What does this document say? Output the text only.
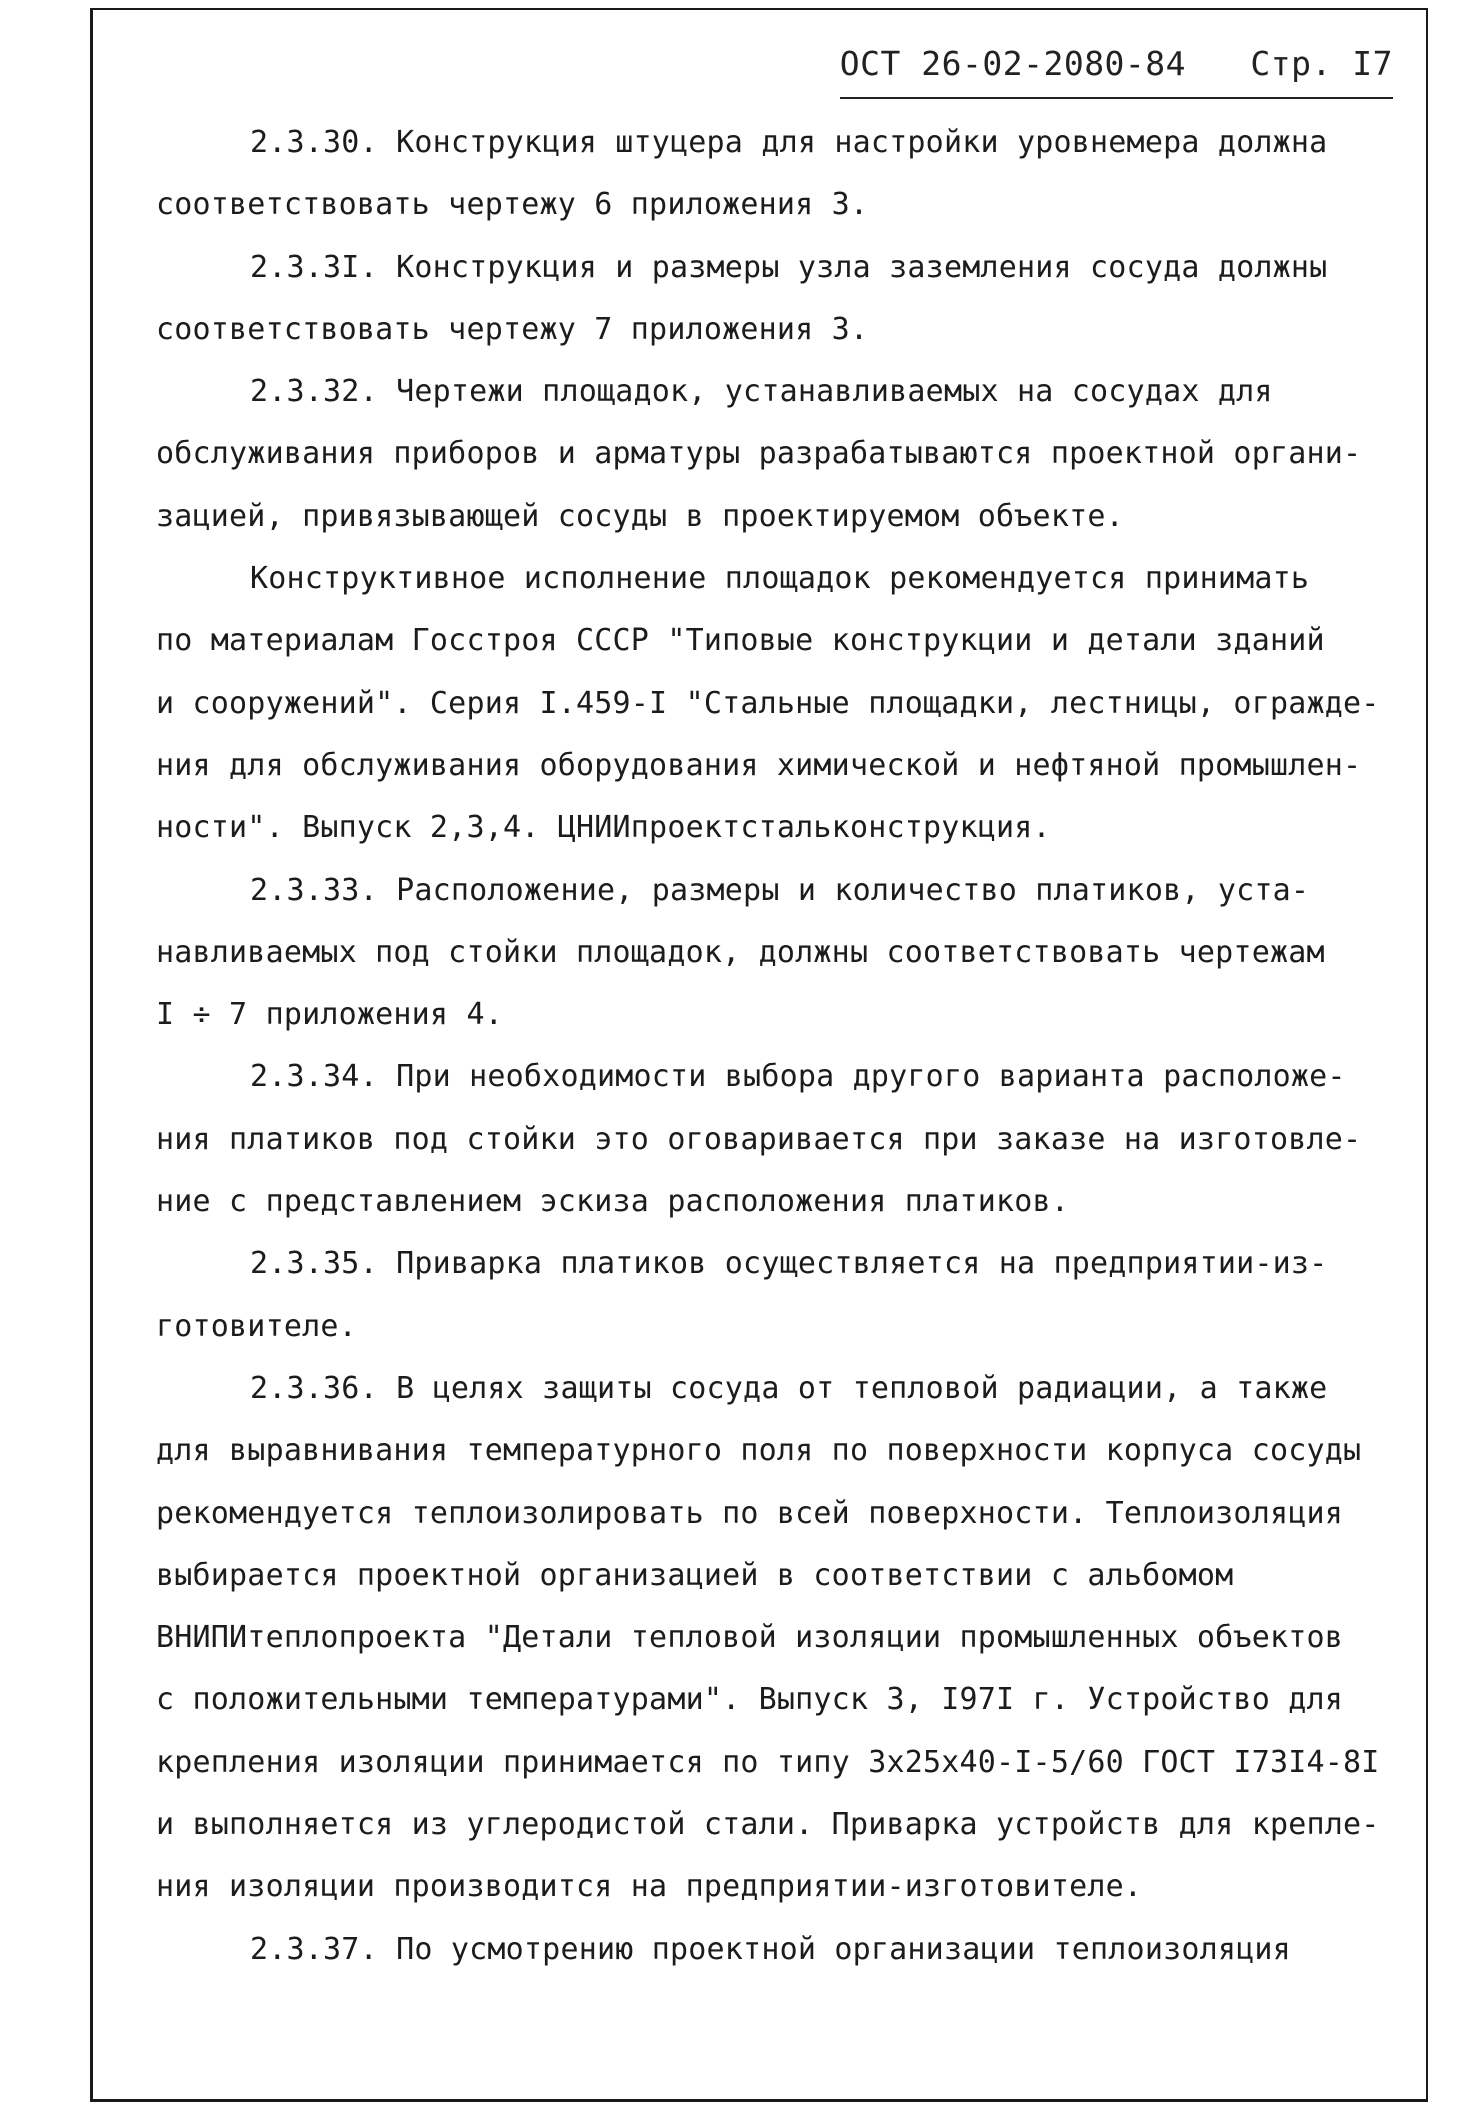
ОСТ 26-02-2080-84 Стр. I7
2.3.30. Конструкция штуцера для настройки уровнемера должна
соответствовать чертежу 6 приложения 3.
2.3.3I. Конструкция и размеры узла заземления сосуда должны
соответствовать чертежу 7 приложения 3.
2.3.32. Чертежи площадок, устанавливаемых на сосудах для
обслуживания приборов и арматуры разрабатываются проектной органи-
зацией, привязывающей сосуды в проектируемом объекте.
Конструктивное исполнение площадок рекомендуется принимать
по материалам Госстроя СССР "Типовые конструкции и детали зданий
и сооружений". Серия I.459-I "Стальные площадки, лестницы, ограждe-
ния для обслуживания оборудования химической и нефтяной промышлен-
ности". Выпуск 2,3,4. ЦНИИпроектстальконструкция.
2.3.33. Расположение, размеры и количество платиков, уста-
навливаемых под стойки площадок, должны соответствовать чертежам
I ÷ 7 приложения 4.
2.3.34. При необходимости выбора другого варианта расположе-
ния платиков под стойки это оговаривается при заказе на изготовле-
ние с представлением эскиза расположения платиков.
2.3.35. Приварка платиков осуществляется на предприятии-из-
готовителе.
2.3.36. В целях защиты сосуда от тепловой радиации, а также
для выравнивания температурного поля по поверхности корпуса сосуды
рекомендуется теплоизолировать по всей поверхности. Теплоизоляция
выбирается проектной организацией в соответствии с альбомом
ВНИПИтеплопроекта "Детали тепловой изоляции промышленных объектов
с положительными температурами". Выпуск 3, I97I г. Устройство для
крепления изоляции принимается по типу 3x25x40-I-5/60 ГОСТ I73I4-8I
и выполняется из углеродистой стали. Приварка устройств для крепле-
ния изоляции производится на предприятии-изготовителе.
2.3.37. По усмотрению проектной организации теплоизоляция
